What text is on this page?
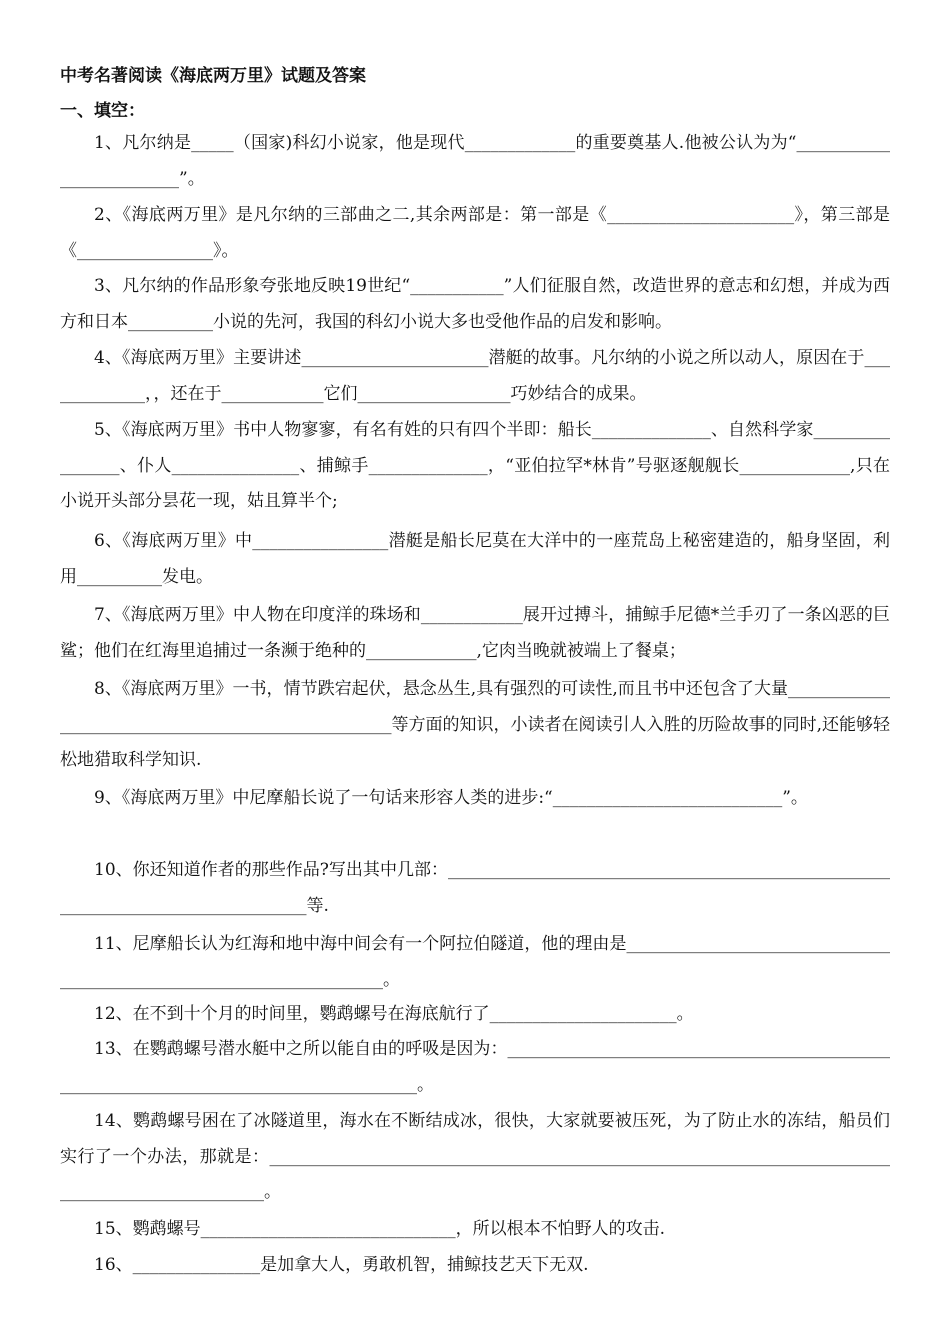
中考名著阅读《海底两万里》试题及答案
一、填空：
1、凡尔纳是_____（国家)科幻小说家，他是现代_____________的重要奠基人.他被公认为为“_________________________”。
2、《海底两万里》是凡尔纳的三部曲之二,其余两部是：第一部是《______________________》，第三部是《________________》。
3、凡尔纳的作品形象夸张地反映19世纪“___________”人们征服自然，改造世界的意志和幻想，并成为西方和日本__________小说的先河，我国的科幻小说大多也受他作品的启发和影响。
4、《海底两万里》主要讲述______________________潜艇的故事。凡尔纳的小说之所以动人，原因在于_____________，，还在于____________它们__________________巧妙结合的成果。
5、《海底两万里》书中人物寥寥，有名有姓的只有四个半即：船长______________、自然科学家________________、仆人_______________、捕鲸手______________，“亚伯拉罕*林肯”号驱逐舰舰长_____________,只在小说开头部分昙花一现，姑且算半个;
6、《海底两万里》中________________潜艇是船长尼莫在大洋中的一座荒岛上秘密建造的，船身坚固，利用__________发电。
7、《海底两万里》中人物在印度洋的珠场和____________展开过搏斗，捕鲸手尼德*兰手刃了一条凶恶的巨鲨；他们在红海里追捕过一条濒于绝种的_____________,它肉当晚就被端上了餐桌；
8、《海底两万里》一书，情节跌宕起伏，悬念丛生,具有强烈的可读性,而且书中还包含了大量___________________________________________________等方面的知识，小读者在阅读引人入胜的历险故事的同时,还能够轻松地猎取科学知识.
9、《海底两万里》中尼摩船长说了一句话来形容人类的进步:“___________________________”。
10、你还知道作者的那些作品?写出其中几部：_________________________________________________________________________________等.
11、尼摩船长认为红海和地中海中间会有一个阿拉伯隧道，他的理由是_____________________________________________________________________。
12、在不到十个月的时间里，鹦鹉螺号在海底航行了______________________。
13、在鹦鹉螺号潜水艇中之所以能自由的呼吸是因为：_______________________________________________________________________________________。
14、鹦鹉螺号困在了冰隧道里，海水在不断结成冰，很快，大家就要被压死，为了防止水的冻结，船员们实行了一个办法，那就是：_________________________________________________________________________________________________。
15、鹦鹉螺号______________________________，所以根本不怕野人的攻击.
16、_______________是加拿大人，勇敢机智，捕鲸技艺天下无双.
